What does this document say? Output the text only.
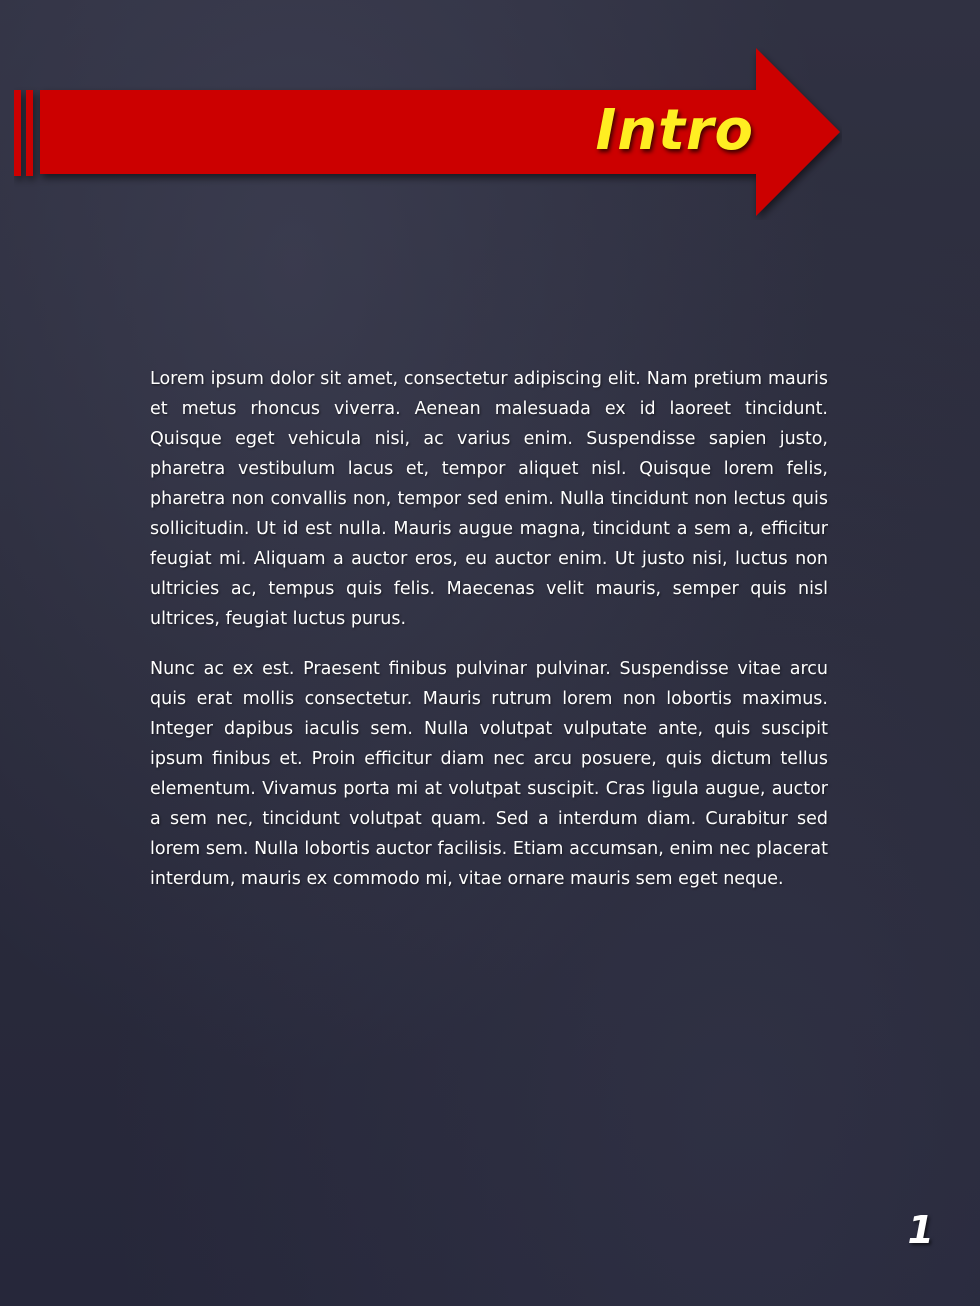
Intro

Lorem ipsum dolor sit amet, consectetur adipiscing elit. Nam pretium mauris et metus rhoncus viverra. Aenean malesuada ex id laoreet tincidunt. Quisque eget vehicula nisi, ac varius enim. Suspendisse sapien justo, pharetra vestibulum lacus et, tempor aliquet nisl. Quisque lorem felis, pharetra non convallis non, tempor sed enim. Nulla tincidunt non lectus quis sollicitudin. Ut id est nulla. Mauris augue magna, tincidunt a sem a, efficitur feugiat mi. Aliquam a auctor eros, eu auctor enim. Ut justo nisi, luctus non ultricies ac, tempus quis felis. Maecenas velit mauris, semper quis nisl ultrices, feugiat luctus purus.

Nunc ac ex est. Praesent finibus pulvinar pulvinar. Suspendisse vitae arcu quis erat mollis consectetur. Mauris rutrum lorem non lobortis maximus. Integer dapibus iaculis sem. Nulla volutpat vulputate ante, quis suscipit ipsum finibus et. Proin efficitur diam nec arcu posuere, quis dictum tellus elementum. Vivamus porta mi at volutpat suscipit. Cras ligula augue, auctor a sem nec, tincidunt volutpat quam. Sed a interdum diam. Curabitur sed lorem sem. Nulla lobortis auctor facilisis. Etiam accumsan, enim nec placerat interdum, mauris ex commodo mi, vitae ornare mauris sem eget neque.

1
